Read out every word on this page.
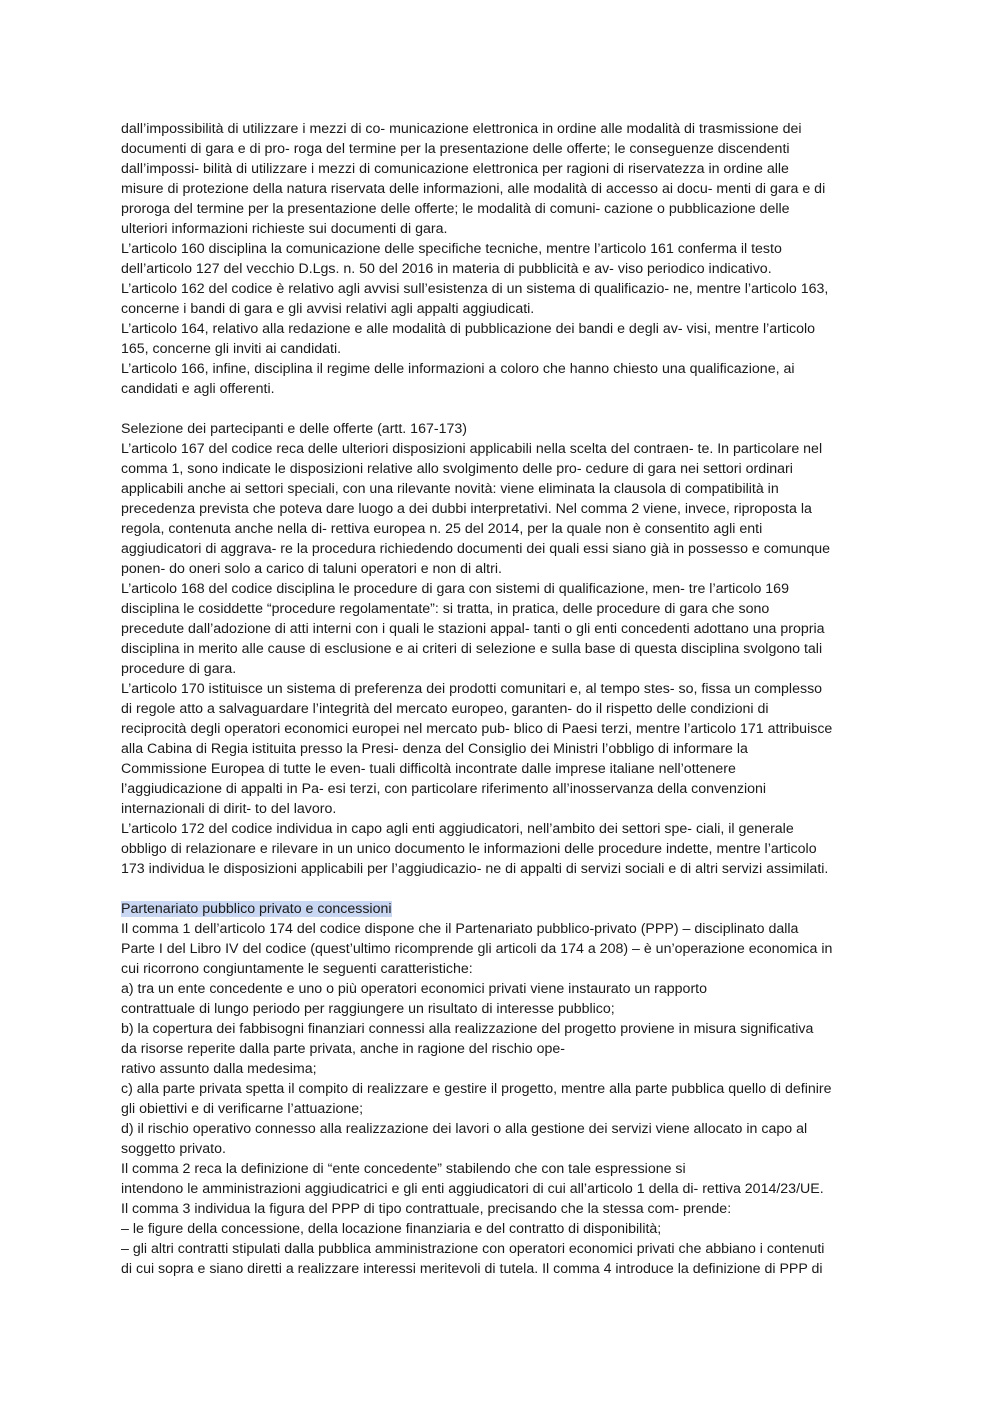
dall’impossibilità di utilizzare i mezzi di co- municazione elettronica in ordine alle modalità di trasmissione dei
documenti di gara e di pro- roga del termine per la presentazione delle offerte; le conseguenze discendenti
dall’impossi- bilità di utilizzare i mezzi di comunicazione elettronica per ragioni di riservatezza in ordine alle
misure di protezione della natura riservata delle informazioni, alle modalità di accesso ai docu- menti di gara e di
proroga del termine per la presentazione delle offerte; le modalità di comuni- cazione o pubblicazione delle
ulteriori informazioni richieste sui documenti di gara.
L’articolo 160 disciplina la comunicazione delle specifiche tecniche, mentre l’articolo 161 conferma il testo
dell’articolo 127 del vecchio D.Lgs. n. 50 del 2016 in materia di pubblicità e av- viso periodico indicativo.
L’articolo 162 del codice è relativo agli avvisi sull’esistenza di un sistema di qualificazio- ne, mentre l’articolo 163,
concerne i bandi di gara e gli avvisi relativi agli appalti aggiudicati.
L’articolo 164, relativo alla redazione e alle modalità di pubblicazione dei bandi e degli av- visi, mentre l’articolo
165, concerne gli inviti ai candidati.
L’articolo 166, infine, disciplina il regime delle informazioni a coloro che hanno chiesto una qualificazione, ai
candidati e agli offerenti.
Selezione dei partecipanti e delle offerte (artt. 167-173)
L’articolo 167 del codice reca delle ulteriori disposizioni applicabili nella scelta del contraen- te. In particolare nel
comma 1, sono indicate le disposizioni relative allo svolgimento delle pro- cedure di gara nei settori ordinari
applicabili anche ai settori speciali, con una rilevante novità: viene eliminata la clausola di compatibilità in
precedenza prevista che poteva dare luogo a dei dubbi interpretativi. Nel comma 2 viene, invece, riproposta la
regola, contenuta anche nella di- rettiva europea n. 25 del 2014, per la quale non è consentito agli enti
aggiudicatori di aggrava- re la procedura richiedendo documenti dei quali essi siano già in possesso e comunque
ponen- do oneri solo a carico di taluni operatori e non di altri.
L’articolo 168 del codice disciplina le procedure di gara con sistemi di qualificazione, men- tre l’articolo 169
disciplina le cosiddette “procedure regolamentate”: si tratta, in pratica, delle procedure di gara che sono
precedute dall’adozione di atti interni con i quali le stazioni appal- tanti o gli enti concedenti adottano una propria
disciplina in merito alle cause di esclusione e ai criteri di selezione e sulla base di questa disciplina svolgono tali
procedure di gara.
L’articolo 170 istituisce un sistema di preferenza dei prodotti comunitari e, al tempo stes- so, fissa un complesso
di regole atto a salvaguardare l’integrità del mercato europeo, garanten- do il rispetto delle condizioni di
reciprocità degli operatori economici europei nel mercato pub- blico di Paesi terzi, mentre l’articolo 171 attribuisce
alla Cabina di Regia istituita presso la Presi- denza del Consiglio dei Ministri l’obbligo di informare la
Commissione Europea di tutte le even- tuali difficoltà incontrate dalle imprese italiane nell’ottenere
l’aggiudicazione di appalti in Pa- esi terzi, con particolare riferimento all’inosservanza della convenzioni
internazionali di dirit- to del lavoro.
L’articolo 172 del codice individua in capo agli enti aggiudicatori, nell’ambito dei settori spe- ciali, il generale
obbligo di relazionare e rilevare in un unico documento le informazioni delle procedure indette, mentre l’articolo
173 individua le disposizioni applicabili per l’aggiudicazio- ne di appalti di servizi sociali e di altri servizi assimilati.
Partenariato pubblico privato e concessioni
Il comma 1 dell’articolo 174 del codice dispone che il Partenariato pubblico-privato (PPP) – disciplinato dalla
Parte I del Libro IV del codice (quest’ultimo ricomprende gli articoli da 174 a 208) – è un’operazione economica in
cui ricorrono congiuntamente le seguenti caratteristiche:
a) tra un ente concedente e uno o più operatori economici privati viene instaurato un rapporto
contrattuale di lungo periodo per raggiungere un risultato di interesse pubblico;
b) la copertura dei fabbisogni finanziari connessi alla realizzazione del progetto proviene in misura significativa
da risorse reperite dalla parte privata, anche in ragione del rischio ope-
rativo assunto dalla medesima;
c) alla parte privata spetta il compito di realizzare e gestire il progetto, mentre alla parte pubblica quello di definire
gli obiettivi e di verificarne l’attuazione;
d) il rischio operativo connesso alla realizzazione dei lavori o alla gestione dei servizi viene allocato in capo al
soggetto privato.
Il comma 2 reca la definizione di “ente concedente” stabilendo che con tale espressione si
intendono le amministrazioni aggiudicatrici e gli enti aggiudicatori di cui all’articolo 1 della di- rettiva 2014/23/UE.
Il comma 3 individua la figura del PPP di tipo contrattuale, precisando che la stessa com- prende:
– le figure della concessione, della locazione finanziaria e del contratto di disponibilità;
– gli altri contratti stipulati dalla pubblica amministrazione con operatori economici privati che abbiano i contenuti
di cui sopra e siano diretti a realizzare interessi meritevoli di tutela. Il comma 4 introduce la definizione di PPP di
